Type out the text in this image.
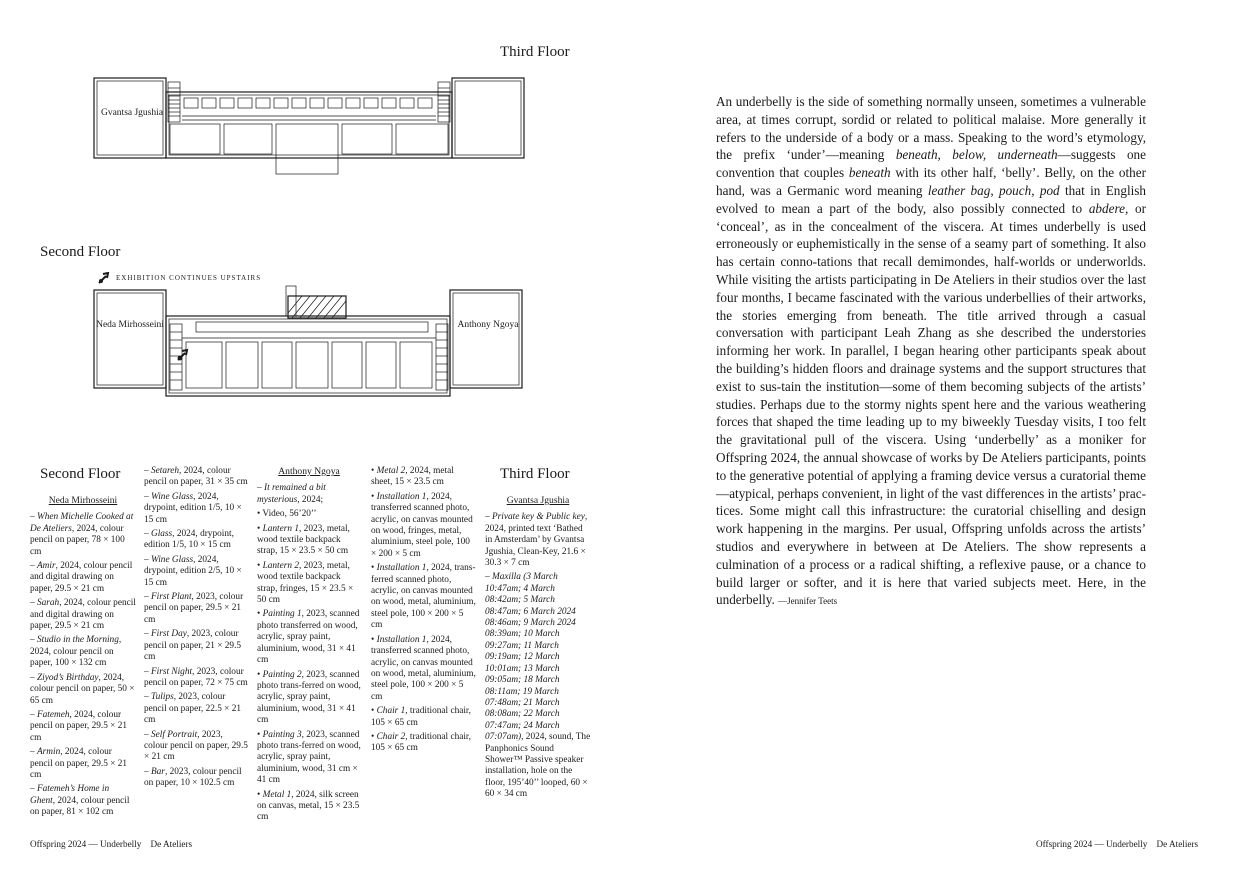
Third Floor
Gvantsa Jgushia
Second Floor
EXHIBITION CONTINUES UPSTAIRS
Neda Mirhosseini	Anthony Ngoya
Second Floor	Third Floor
Neda Mirhosseini

– When Michelle Cooked at De Ateliers, 2024, colour pencil on paper, 78 × 100 cm

– Amir, 2024, colour pencil and digital drawing on paper, 29.5 × 21 cm

– Sarah, 2024, colour pencil and digital drawing on paper, 29.5 × 21 cm

– Studio in the Morning, 2024, colour pencil on paper, 100 × 132 cm

– Ziyod’s Birthday, 2024, colour pencil on paper, 50 × 65 cm

– Fatemeh, 2024, colour pencil on paper, 29.5 × 21 cm

– Armin, 2024, colour pencil on paper, 29.5 × 21 cm

– Fatemeh’s Home in Ghent, 2024, colour pencil on paper, 81 × 102 cm

– Setareh, 2024, colour pencil on paper, 31 × 35 cm

– Wine Glass, 2024, drypoint, edition 1/5, 10 × 15 cm

– Glass, 2024, drypoint, edition 1/5, 10 × 15 cm

– Wine Glass, 2024, drypoint, edition 2/5, 10 × 15 cm

– First Plant, 2023, colour pencil on paper, 29.5 × 21 cm

– First Day, 2023, colour pencil on paper, 21 × 29.5 cm

– First Night, 2023, colour pencil on paper, 72 × 75 cm

– Tulips, 2023, colour pencil on paper, 22.5 × 21 cm

– Self Portrait, 2023, colour pencil on paper, 29.5 × 21 cm

– Bar, 2023, colour pencil on paper, 10 × 102.5 cm

Anthony Ngoya

– It remained a bit mysterious, 2024;

• Video, 56’20’’

• Lantern 1, 2023, metal, wood textile backpack strap, 15 × 23.5 × 50 cm

• Lantern 2, 2023, metal, wood textile backpack strap, fringes, 15 × 23.5 × 50 cm

• Painting 1, 2023, scanned photo transferred on wood, acrylic, spray paint, aluminium, wood, 31 × 41 cm

• Painting 2, 2023, scanned photo trans-ferred on wood, acrylic, spray paint, aluminium, wood, 31 × 41 cm

• Painting 3, 2023, scanned photo trans-ferred on wood, acrylic, spray paint, aluminium, wood, 31 cm × 41 cm

• Metal 1, 2024, silk screen on canvas, metal, 15 × 23.5 cm

• Metal 2, 2024, metal sheet, 15 × 23.5 cm

• Installation 1, 2024, transferred scanned photo, acrylic, on canvas mounted on wood, fringes, metal, aluminium, steel pole, 100 × 200 × 5 cm

• Installation 1, 2024, trans-ferred scanned photo, acrylic, on canvas mounted on wood, metal, aluminium, steel pole, 100 × 200 × 5 cm

• Installation 1, 2024, transferred scanned photo, acrylic, on canvas mounted on wood, metal, aluminium, steel pole, 100 × 200 × 5 cm

• Chair 1, traditional chair, 105 × 65 cm

• Chair 2, traditional chair, 105 × 65 cm

Gvantsa Jgushia

– Private key & Public key, 2024, printed text ‘Bathed in Amsterdam’ by Gvantsa Jgushia, Clean-Key, 21.6 × 30.3 × 7 cm

– Maxilla (3 March 10:47am; 4 March 08:42am; 5 March 08:47am; 6 March 2024 08:46am; 9 March 2024 08:39am; 10 March 09:27am; 11 March 09:19am; 12 March 10:01am; 13 March 09:05am; 18 March 08:11am; 19 March 07:48am; 21 March 08:08am; 22 March 07:47am; 24 March 07:07am), 2024, sound, The Panphonics Sound Shower™ Passive speaker installation, hole on the floor, 195’40’’ looped, 60 × 60 × 34 cm

An underbelly is the side of something normally unseen, sometimes a vulnerable area, at times corrupt, sordid or related to political malaise. More generally it refers to the underside of a body or a mass. Speaking to the word’s etymology, the prefix ‘under’—meaning beneath, below, underneath—suggests one convention that couples beneath with its other half, ‘belly’. Belly, on the other hand, was a Germanic word meaning leather bag, pouch, pod that in English evolved to mean a part of the body, also possibly connected to abdere, or ‘conceal’, as in the concealment of the viscera. At times underbelly is used erroneously or euphemistically in the sense of a seamy part of something. It also has certain conno-tations that recall demimondes, half-worlds or underworlds. While visiting the artists participating in De Ateliers in their studios over the last four months, I became fascinated with the various underbellies of their artworks, the stories emerging from beneath. The title arrived through a casual conversation with participant Leah Zhang as she described the understories informing her work. In parallel, I began hearing other participants speak about the building’s hidden floors and drainage systems and the support structures that exist to sus-tain the institution—some of them becoming subjects of the artists’ studies. Perhaps due to the stormy nights spent here and the various weathering forces that shaped the time leading up to my biweekly Tuesday visits, I too felt the gravitational pull of the viscera. Using ‘underbelly’ as a moniker for Offspring 2024, the annual showcase of works by De Ateliers participants, points to the generative potential of applying a framing device versus a curatorial theme—atypical, perhaps convenient, in light of the vast differences in the artists’ prac-tices. Some might call this infrastructure: the curatorial chiselling and design work happening in the margins. Per usual, Offspring unfolds across the artists’ studios and everywhere in between at De Ateliers. The show represents a culmination of a process or a radical shifting, a reflexive pause, or a chance to build larger or softer, and it is here that varied subjects meet. Here, in the underbelly. —Jennifer Teets
Offspring 2024 — Underbelly    De Ateliers	Offspring 2024 — Underbelly    De Ateliers
